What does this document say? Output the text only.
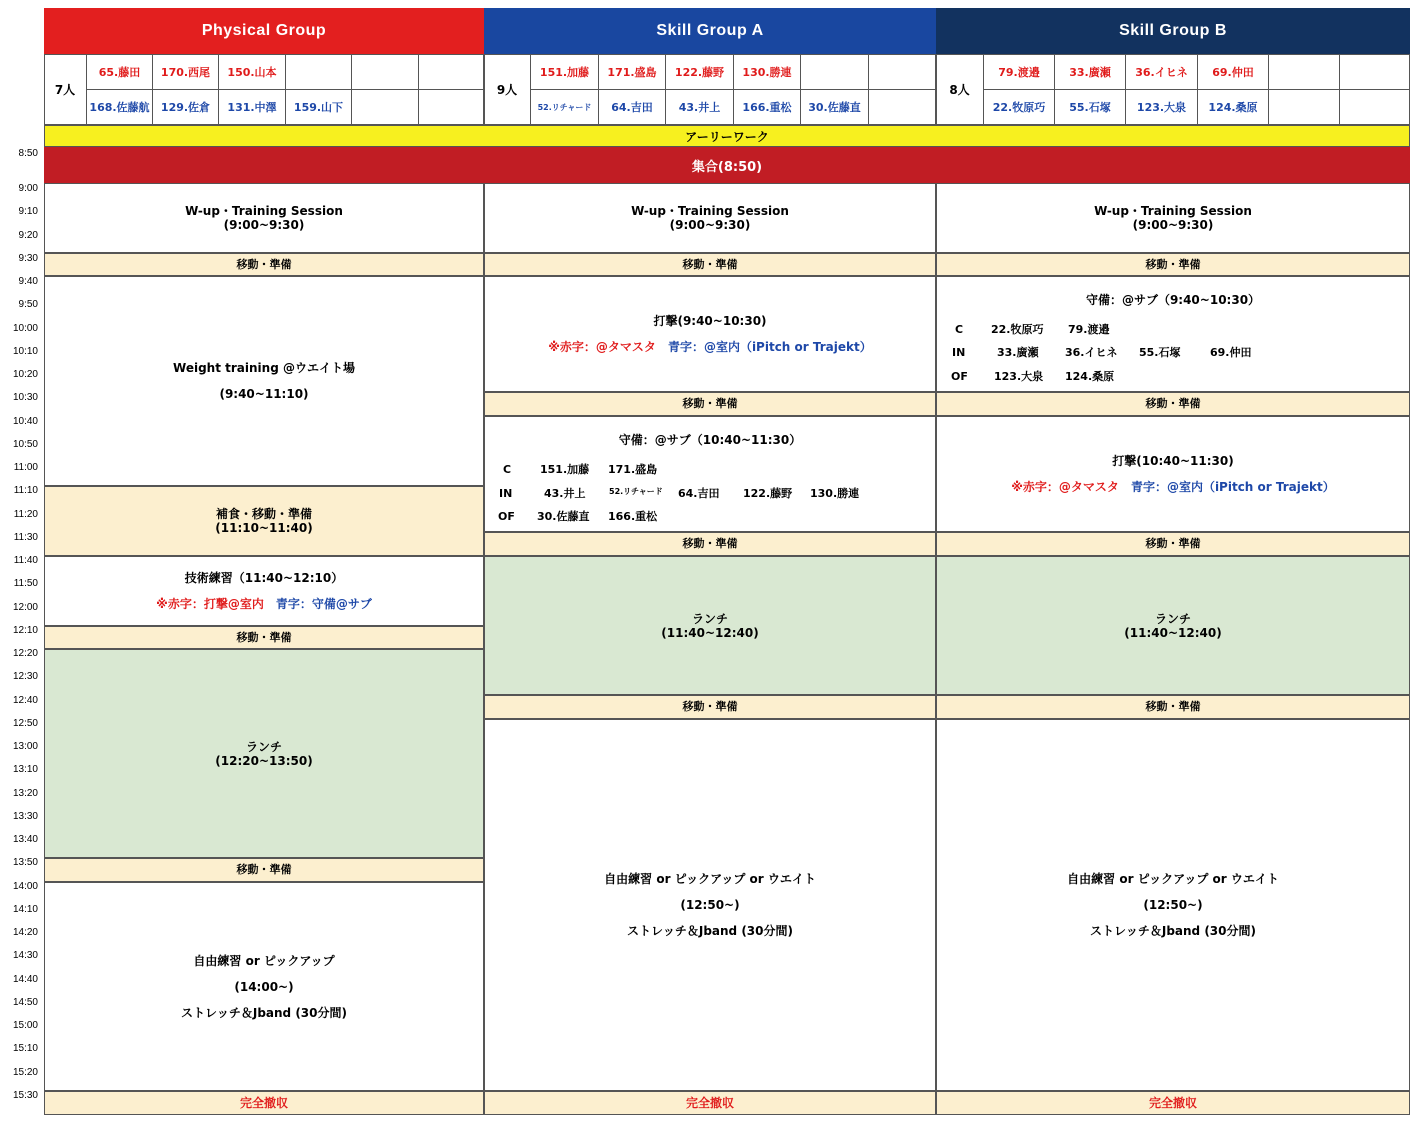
Physical Group	Skill Group A	Skill Group B
7人
65.藤田	170.西尾	150.山本
168.佐藤航	129.佐倉	131.中澤	159.山下
9人
151.加藤	171.盛島	122.藤野	130.勝連
52.リチャード	64.吉田	43.井上	166.重松	30.佐藤直
8人
79.渡邉	33.廣瀬	36.イヒネ	69.仲田
22.牧原巧	55.石塚	123.大泉	124.桑原
アーリーワーク
集合(8:50)
8:50
9:00
9:10
9:20
9:30
9:40
9:50
10:00
10:10
10:20
10:30
10:40
10:50
11:00
11:10
11:20
11:30
11:40
11:50
12:00
12:10
12:20
12:30
12:40
12:50
13:00
13:10
13:20
13:30
13:40
13:50
14:00
14:10
14:20
14:30
14:40
14:50
15:00
15:10
15:20
15:30
W-up・Training Session
(9:00~9:30)
移動・準備
Weight training @ウエイト場
(9:40~11:10)
補食・移動・準備
(11:10~11:40)
技術練習（11:40~12:10）
※赤字：打撃@室内 青字：守備@サブ
移動・準備
ランチ
(12:20~13:50)
移動・準備
自由練習 or ピックアップ
(14:00~)
ストレッチ＆Jband (30分間)
完全撤収
W-up・Training Session
(9:00~9:30)
移動・準備
打撃(9:40~10:30)
※赤字：@タマスタ 青字：@室内（iPitch or Trajekt）
移動・準備
守備：@サブ（10:40~11:30）
C	151.加藤 171.盛島
IN	43.井上	52.リチャード 64.吉田 122.藤野 130.勝連
OF 30.佐藤直 166.重松
移動・準備
ランチ
(11:40~12:40)
移動・準備
自由練習 or ピックアップ or ウエイト
(12:50~)
ストレッチ＆Jband (30分間)
完全撤収
W-up・Training Session
(9:00~9:30)
移動・準備
守備：@サブ（9:40~10:30）
C	22.牧原巧 79.渡邉
IN	33.廣瀬 36.イヒネ 55.石塚	69.仲田
OF 123.大泉 124.桑原
移動・準備
打撃(10:40~11:30)
※赤字：@タマスタ 青字：@室内（iPitch or Trajekt）
移動・準備
ランチ
(11:40~12:40)
移動・準備
自由練習 or ピックアップ or ウエイト
(12:50~)
ストレッチ＆Jband (30分間)
完全撤収
